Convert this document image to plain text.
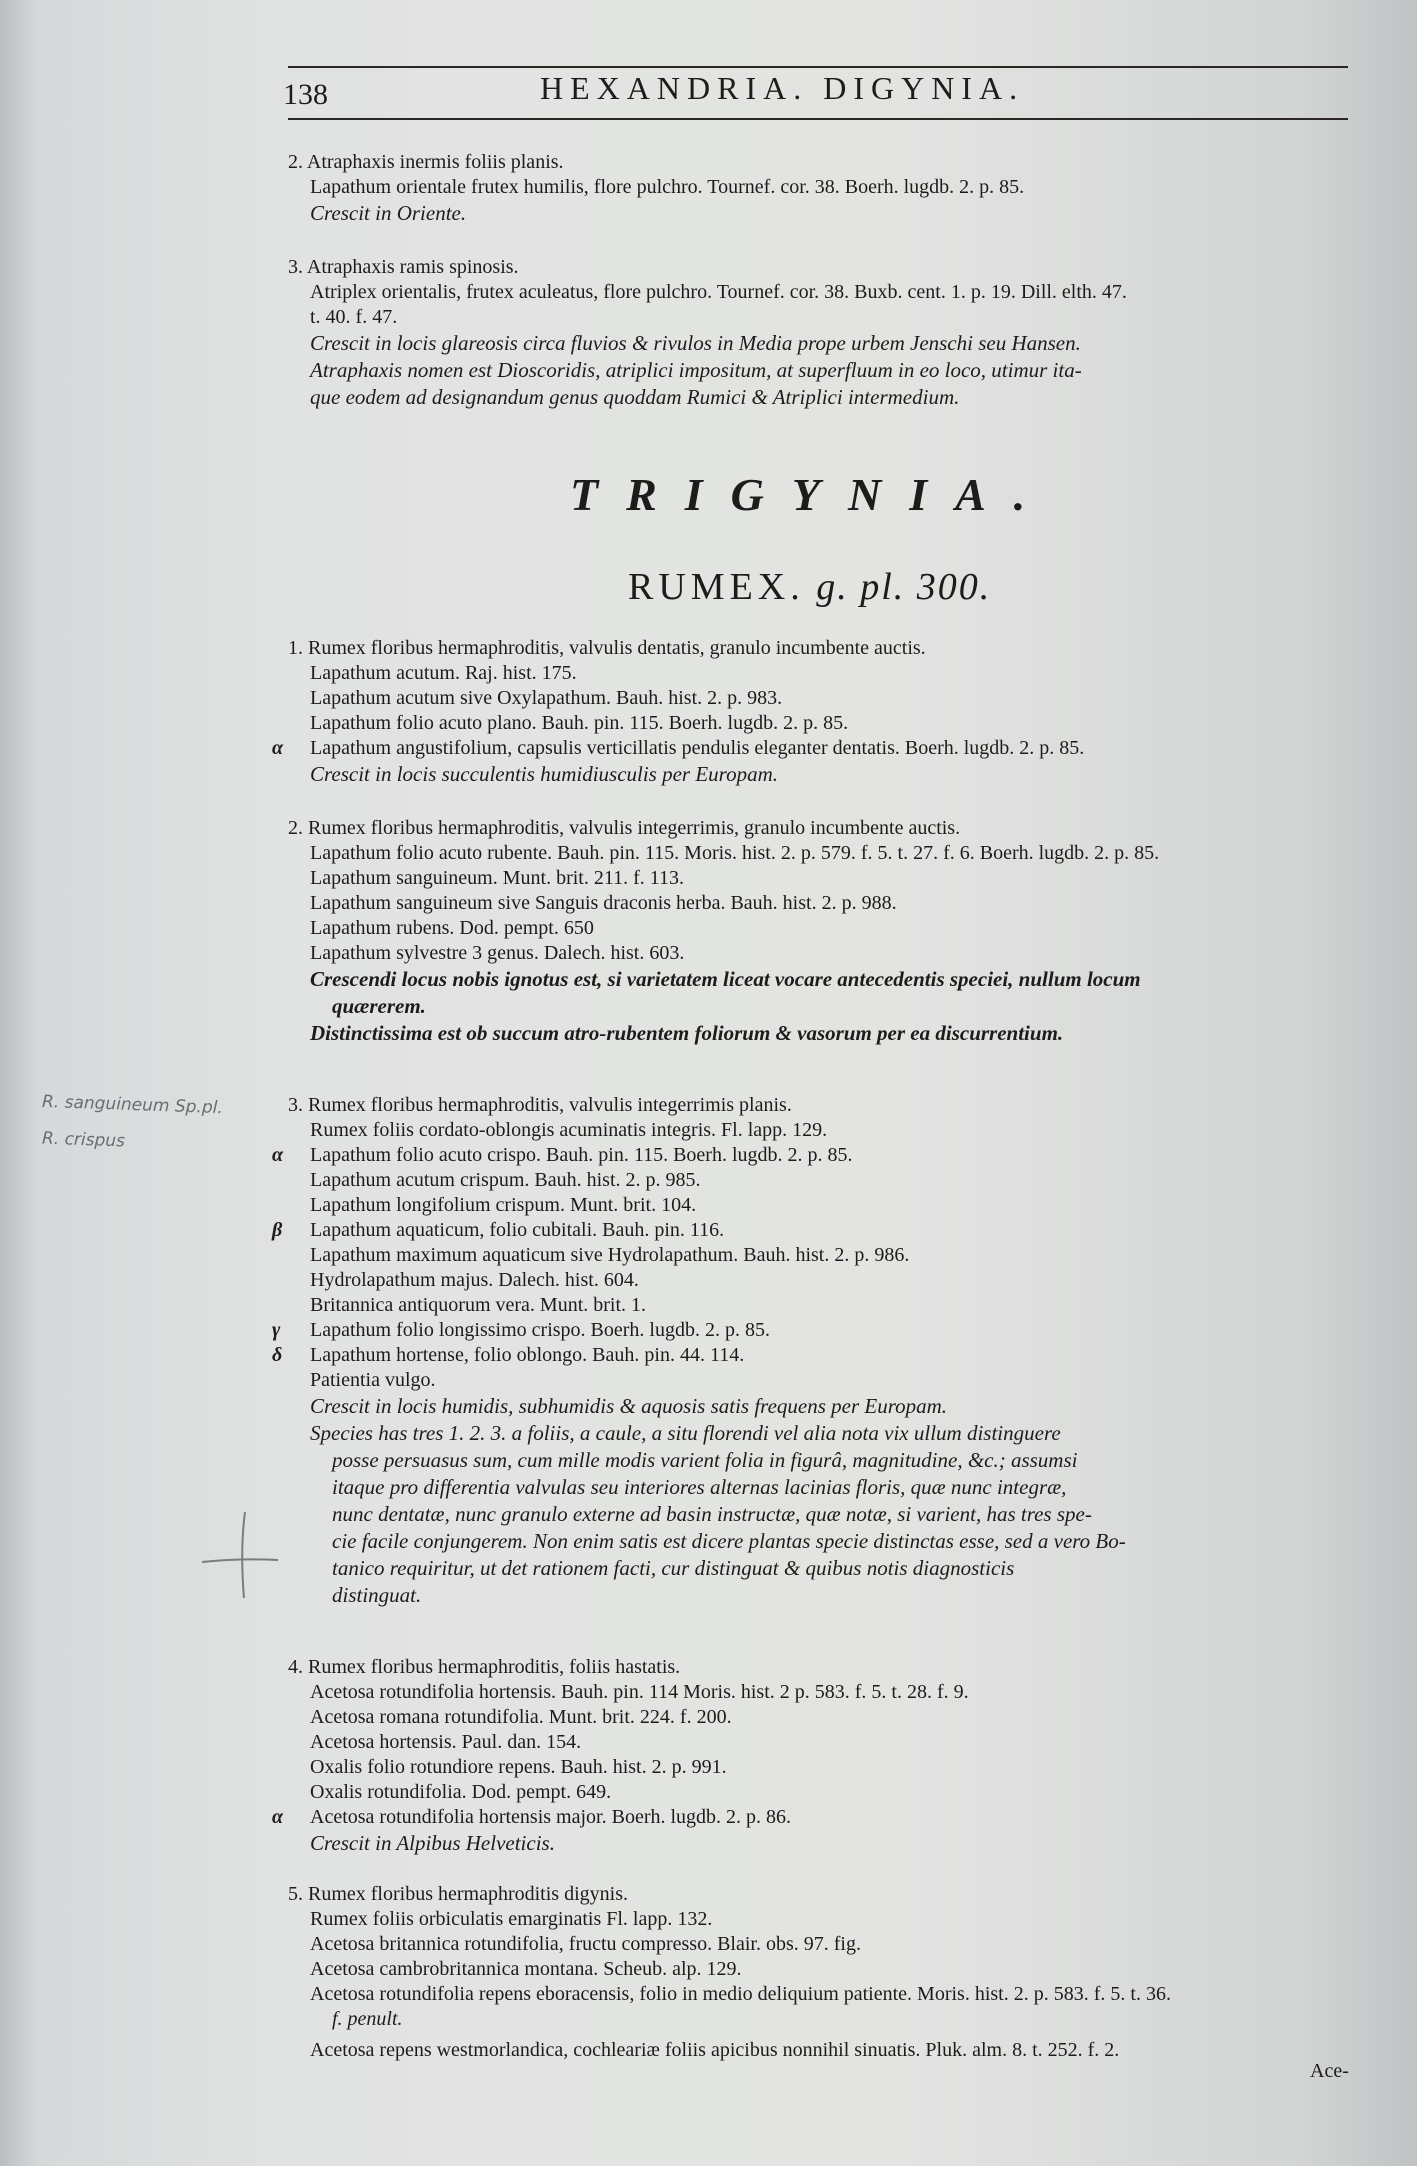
138	HEXANDRIA. DIGYNIA.
2. Atraphaxis inermis foliis planis.
Lapathum orientale frutex humilis, flore pulchro. Tournef. cor. 38. Boerh. lugdb. 2. p. 85.
Crescit in Oriente.
3. Atraphaxis ramis spinosis.
Atriplex orientalis, frutex aculeatus, flore pulchro. Tournef. cor. 38. Buxb. cent. 1. p. 19. Dill. elth. 47.
t. 40. f. 47.
Crescit in locis glareosis circa fluvios & rivulos in Media prope urbem Jenschi seu Hansen.
Atraphaxis nomen est Dioscoridis, atriplici impositum, at superfluum in eo loco, utimur ita-
que eodem ad designandum genus quoddam Rumici & Atriplici intermedium.
TRIGYNIA.
RUMEX. g. pl. 300.
1. Rumex floribus hermaphroditis, valvulis dentatis, granulo incumbente auctis.
Lapathum acutum. Raj. hist. 175.
Lapathum acutum sive Oxylapathum. Bauh. hist. 2. p. 983.
Lapathum folio acuto plano. Bauh. pin. 115. Boerh. lugdb. 2. p. 85.
α Lapathum angustifolium, capsulis verticillatis pendulis eleganter dentatis. Boerh. lugdb. 2. p. 85.
Crescit in locis succulentis humidiusculis per Europam.
2. Rumex floribus hermaphroditis, valvulis integerrimis, granulo incumbente auctis.
Lapathum folio acuto rubente. Bauh. pin. 115. Moris. hist. 2. p. 579. f. 5. t. 27. f. 6. Boerh. lugdb. 2. p. 85.
Lapathum sanguineum. Munt. brit. 211. f. 113.
Lapathum sanguineum sive Sanguis draconis herba. Bauh. hist. 2. p. 988.
Lapathum rubens. Dod. pempt. 650
Lapathum sylvestre 3 genus. Dalech. hist. 603.
Crescendi locus nobis ignotus est, si varietatem liceat vocare antecedentis speciei, nullum locum
quærerem.
Distinctissima est ob succum atro-rubentem foliorum & vasorum per ea discurrentium.
R. sanguineum Sp.pl.
R. crispus
3. Rumex floribus hermaphroditis, valvulis integerrimis planis.
Rumex foliis cordato-oblongis acuminatis integris. Fl. lapp. 129.
α Lapathum folio acuto crispo. Bauh. pin. 115. Boerh. lugdb. 2. p. 85.
Lapathum acutum crispum. Bauh. hist. 2. p. 985.
Lapathum longifolium crispum. Munt. brit. 104.
β Lapathum aquaticum, folio cubitali. Bauh. pin. 116.
Lapathum maximum aquaticum sive Hydrolapathum. Bauh. hist. 2. p. 986.
Hydrolapathum majus. Dalech. hist. 604.
Britannica antiquorum vera. Munt. brit. 1.
γ Lapathum folio longissimo crispo. Boerh. lugdb. 2. p. 85.
δ Lapathum hortense, folio oblongo. Bauh. pin. 44. 114.
Patientia vulgo.
Crescit in locis humidis, subhumidis & aquosis satis frequens per Europam.
Species has tres 1. 2. 3. a foliis, a caule, a situ florendi vel alia nota vix ullum distinguere
posse persuasus sum, cum mille modis varient folia in figurâ, magnitudine, &c.; assumsi
itaque pro differentia valvulas seu interiores alternas lacinias floris, quæ nunc integræ,
nunc dentatæ, nunc granulo externe ad basin instructæ, quæ notæ, si varient, has tres spe-
cie facile conjungerem. Non enim satis est dicere plantas specie distinctas esse, sed a vero Bo-
tanico requiritur, ut det rationem facti, cur distinguat & quibus notis diagnosticis
distinguat.
4. Rumex floribus hermaphroditis, foliis hastatis.
Acetosa rotundifolia hortensis. Bauh. pin. 114 Moris. hist. 2 p. 583. f. 5. t. 28. f. 9.
Acetosa romana rotundifolia. Munt. brit. 224. f. 200.
Acetosa hortensis. Paul. dan. 154.
Oxalis folio rotundiore repens. Bauh. hist. 2. p. 991.
Oxalis rotundifolia. Dod. pempt. 649.
α Acetosa rotundifolia hortensis major. Boerh. lugdb. 2. p. 86.
Crescit in Alpibus Helveticis.
5. Rumex floribus hermaphroditis digynis.
Rumex foliis orbiculatis emarginatis Fl. lapp. 132.
Acetosa britannica rotundifolia, fructu compresso. Blair. obs. 97. fig.
Acetosa cambrobritannica montana. Scheub. alp. 129.
Acetosa rotundifolia repens eboracensis, folio in medio deliquium patiente. Moris. hist. 2. p. 583. f. 5. t. 36.
f. penult.
Acetosa repens westmorlandica, cochleariæ foliis apicibus nonnihil sinuatis. Pluk. alm. 8. t. 252. f. 2.
Ace-
